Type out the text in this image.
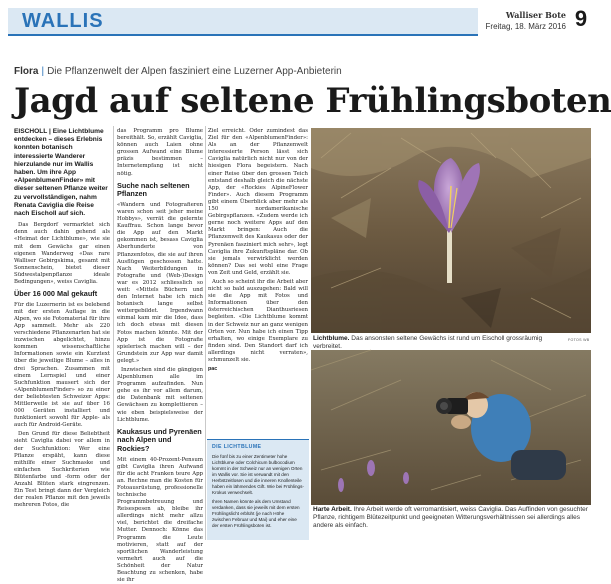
WALLIS	Walliser Bote
Freitag, 18. März 2016 9
Flora | Die Pflanzenwelt der Alpen fasziniert eine Luzerner App-Anbieterin
Jagd auf seltene Frühlingsboten
EISCHOLL | Eine Lichtblume entdecken – dieses Erlebnis konnten botanisch interessierte Wanderer hierzulande nur im Wallis haben. Um ihre App «AlpenblumenFinder» mit dieser seltenen Pflanze weiter zu vervollständigen, nahm Renata Caviglia die Reise nach Eischoll auf sich.

Das Bergdorf vermarktet sich denn auch dahin gehend als «Heimat der Lichtblume», wie sie mit dem Gewächs gar einen eigenen Wanderweg «Das rare Walliser Gebirgskima, gesamt mit Sonnenschein, bietet dieser Südwestalpenpflanze ideale Bedingungen», weiss Caviglia.

Über 16 000 Mal gekauft

Für die Luzernerin ist es belebend mit der ersten Auflage in die Alpen, wo sie Fotomaterial für ihre App sammelt. Mehr als 220 verschiedene Pflanzenarten hat sie inzwischen abgelichtet, hinzu kommen wissenschaftliche Informationen sowie ein Kurztext über die jeweilige Blume – alles in drei Sprachen. Zusammen mit einem Lernspiel und einer Suchfunktion mausert sich der «AlpenblumenFinder» so zu einer der beliebtesten Schweizer Apps: Mittlerweile ist sie auf über 16 000 Geräten installiert und funktioniert sowohl für Apple- als auch für Android-Geräte.

Den Grund für diese Beliebtheit sieht Caviglia dabei vor allem in der Suchfunktion: Wer eine Pflanze erspäht, kann diese mithilfe einer Suchmaske und einfachen Suchkriterien wie Blütenfarbe und -form oder der Anzahl Blüten stark eingrenzen. Ein Test bringt dann der Vergleich der realen Pflanze mit den jeweils mehreren Fotos, die

das Programm pro Blume bereithält. So, erzählt Caviglia, können auch Laien ohne grossen Aufwand eine Blume präzis bestimmen – Internetempfang ist nicht nötig.

Suche nach seltenen Pflanzen

«Wandern und Fotografieren waren schon seit jeher meine Hobbys», verrät die gelernte Kauffrau. Schon lange bevor die App auf den Markt gekommen ist, besass Caviglia Aberhunderte von Pflanzenfotos, die sie auf ihren Ausflügen geschossen hatte. Nach Weiterbildungen in Fotografie und (Web-)Design war es 2012 schliesslich so weit: «Mittels Büchern und den Internet habe ich mich botanisch lange selbst weitergebildet. Irgendwann einmal kam mir die Idee, dass ich doch etwas mit diesen Fotos machen könnte. Mit der App ist die Fotografie spielerisch machen will – der Grundstein zur App war damit gelegt.»

Inzwischen sind die gängigen Alpenblumen alle im Programm aufzufinden. Nun gehe es ihr vor allem darum, die Datenbank mit seltenen Gewächsen zu komplettieren – wie eben beispielsweise der Lichtblume.

Kaukasus und Pyrenäen nach Alpen und Rockies?

Mit einem 40-Prozent-Pensum gibt Caviglia ihren Aufwand für die acht Franken teure App an. Rechne man die Kosten für Fotoausrüstung, professionelle technische Programmbetreuung und Reisespesen ab, bleibe ihr allerdings nicht mehr allzu viel, berichtet die dreifache Mutter. Dennoch: Könne das Programm die Leute motivieren, statt auf der sportlichen Wanderleistung vermehrt auch auf die Schönheit der Natur Beachtung zu schenken, habe sie ihr

Ziel erreicht. Oder zumindest das Ziel für den «AlpenblumenFinder»: Als an der Pflanzenwelt interessierte Person lässt sich Caviglia natürlich nicht nur von der hiesigen Flora begeistern. Nach einer Reise über den grossen Teich entstand deshalb gleich die nächste App, der «Rockies AlpineFlower Finder». Auch diesem Programm gibt einem Überblick aber mehr als 150 nordamerikanische Gebirgspflanzen. «Zudem werde ich gerne noch weitere Apps auf den Markt bringen: Auch die Pflanzenwelt des Kaukasus oder der Pyrenäen fasziniert mich sehr», legt Caviglia ihre Zukunftspläne dar. Ob sie jemals verwirklicht werden können? Das sei wohl eine Frage von Zeit und Geld, erzählt sie.

Auch so scheint ihr die Arbeit aber nicht so bald auszugehen: Bald will sie die App mit Fotos und Informationen über den österreichischen Dianthusriesen begleiten. «Die Lichtblume kommt in der Schweiz nur an ganz wenigen Orten vor. Nun habe ich einen Tipp erhalten, wo einige Exemplare zu finden sind. Den Standort darf ich allerdings nicht verraten», schmunzelt sie.

pac

DIE LICHTBLUME

Die fünf bis zu einer Zentimeter hohe Lichtblume oder Colchicum bulbocodium kommt in der Schweiz nur an wenigen Orten im Wallis vor. Sie ist verwandt mit den Herbstzeitlosen und die inneren Knollenteile haben ein lähmendes Gift. Wie bei Frühlings-Krokus verwechselt.

Ihren Namen könnte als dem Umstand verdanken, dass sie jeweils mit dem ersten Frühlingslicht erblüht (je nach Höhe zwischen Februar und Mai) und eher eine der ersten Frühlingsboten ist.

Lichtblume. Das ansonsten seltene Gewächs ist rund um Eischoll grossräumig verbreitet.
FOTOS WB
Harte Arbeit. Ihre Arbeit werde oft verromantisiert, weiss Caviglia. Das Auffinden von gesuchter Pflanze, richtigem Blütezeitpunkt und geeigneten Witterungsverhältnissen sei allerdings alles andere als einfach.
